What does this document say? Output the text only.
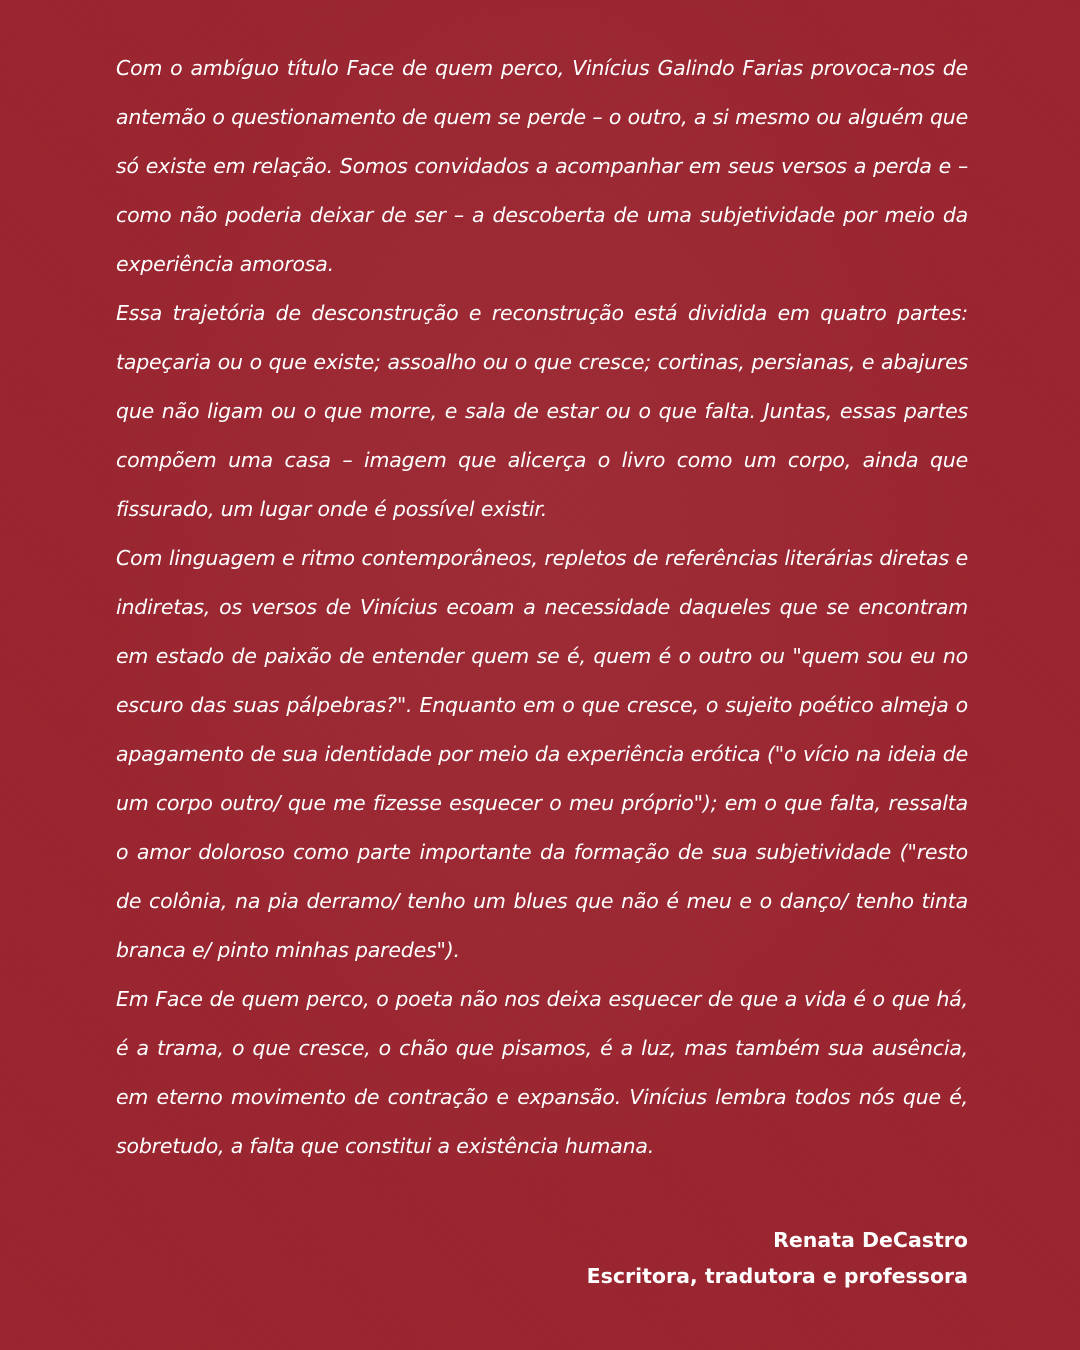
Com o ambíguo título Face de quem perco, Vinícius Galindo Farias provoca-nos de antemão o questionamento de quem se perde – o outro, a si mesmo ou alguém que só existe em relação. Somos convidados a acompanhar em seus versos a perda e – como não poderia deixar de ser – a descoberta de uma subjetividade por meio da experiência amorosa.

Essa trajetória de desconstrução e reconstrução está dividida em quatro partes: tapeçaria ou o que existe; assoalho ou o que cresce; cortinas, persianas, e abajures que não ligam ou o que morre, e sala de estar ou o que falta. Juntas, essas partes compõem uma casa – imagem que alicerça o livro como um corpo, ainda que fissurado, um lugar onde é possível existir.

Com linguagem e ritmo contemporâneos, repletos de referências literárias diretas e indiretas, os versos de Vinícius ecoam a necessidade daqueles que se encontram em estado de paixão de entender quem se é, quem é o outro ou "quem sou eu no escuro das suas pálpebras?". Enquanto em o que cresce, o sujeito poético almeja o apagamento de sua identidade por meio da experiência erótica ("o vício na ideia de um corpo outro/ que me fizesse esquecer o meu próprio"); em o que falta, ressalta o amor doloroso como parte importante da formação de sua subjetividade ("resto de colônia, na pia derramo/ tenho um blues que não é meu e o danço/ tenho tinta branca e/ pinto minhas paredes").

Em Face de quem perco, o poeta não nos deixa esquecer de que a vida é o que há, é a trama, o que cresce, o chão que pisamos, é a luz, mas também sua ausência, em eterno movimento de contração e expansão. Vinícius lembra todos nós que é, sobretudo, a falta que constitui a existência humana.

Renata DeCastro
Escritora, tradutora e professora
